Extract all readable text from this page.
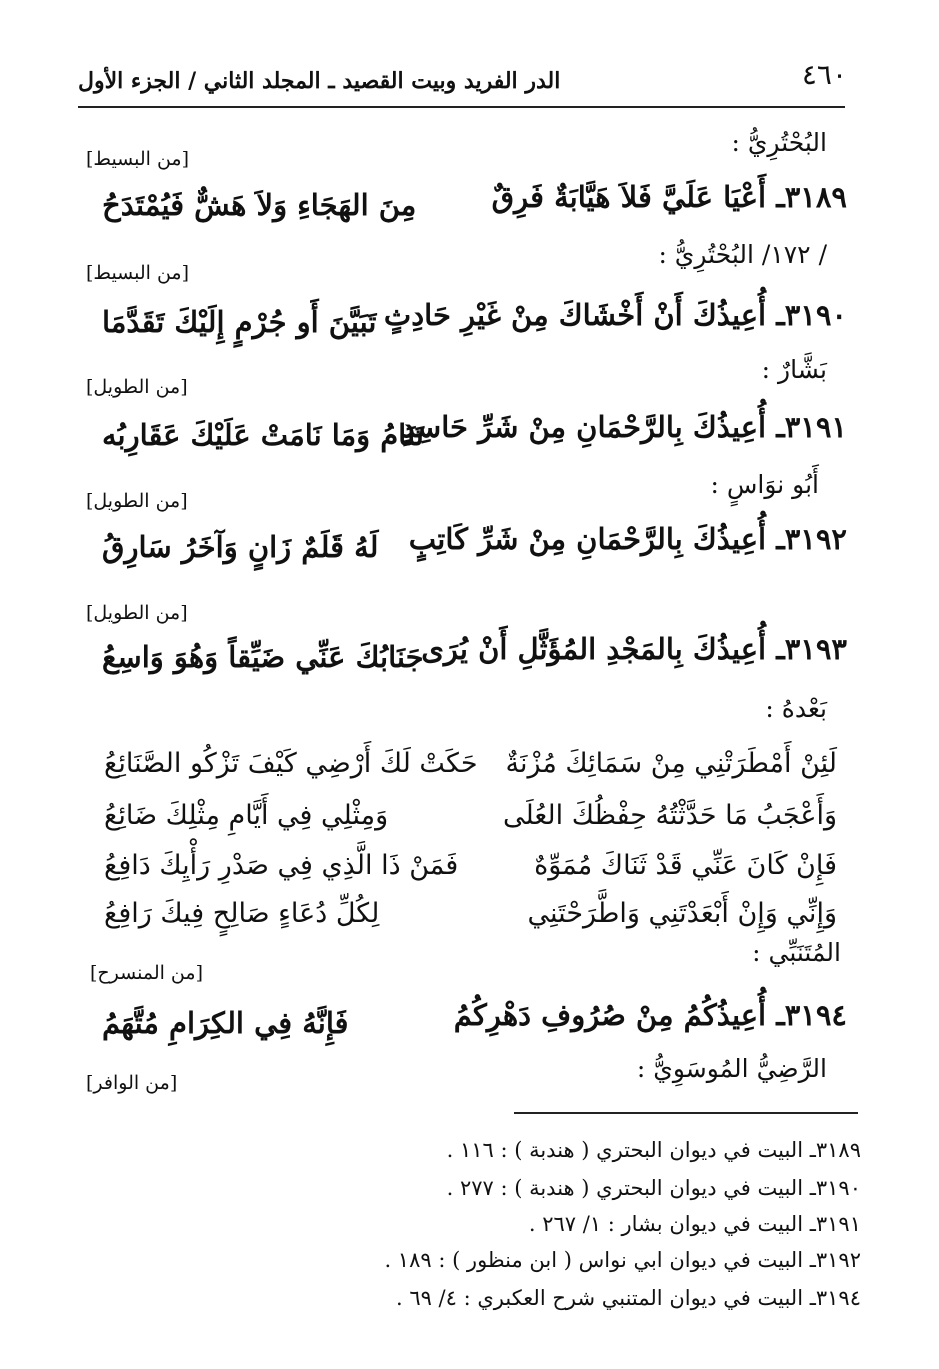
٤٦٠
الدر الفريد وبيت القصيد ـ المجلد الثاني / الجزء الأول
البُحْتُرِيُّ :
[من البسيط]
٣١٨٩ـ أَعْيَا عَلَيَّ فَلاَ هَيَّابَةٌ فَرِقٌ
مِنَ الهَجَاءِ وَلاَ هَشٌّ فَيُمْتَدَحُ
/ ١٧٢/ البُحْتُرِيُّ :
[من البسيط]
٣١٩٠ـ أُعِيذُكَ أَنْ أَخْشَاكَ مِنْ غَيْرِ حَادِثٍ
تَبَيَّنَ أَو جُرْمٍ إِلَيْكَ تَقَدَّمَا
بَشَّارٌ :
[من الطويل]
٣١٩١ـ أُعِيذُكَ بِالرَّحْمَانِ مِنْ شَرِّ حَاسِدٍ
تَنَامُ وَمَا نَامَتْ عَلَيْكَ عَقَارِبُه
أَبُو نوَاسٍ :
[من الطويل]
٣١٩٢ـ أُعِيذُكَ بِالرَّحْمَانِ مِنْ شَرِّ كَاتِبٍ
لَهُ قَلَمٌ زَانٍ وَآخَرُ سَارِقُ
[من الطويل]
٣١٩٣ـ أُعِيذُكَ بِالمَجْدِ المُؤَثَّلِ أَنْ يُرَى
جَنَابُكَ عَنِّي ضَيِّقاً وَهُوَ وَاسِعُ
بَعْدهُ :
لَئِنْ أَمْطَرَتْنِي مِنْ سَمَائِكَ مُزْنَةٌ
حَكَتْ لَكَ أَرْضِي كَيْفَ تَزْكُو الصَّنَائِعُ
وَأَعْجَبُ مَا حَدَّثْتُهُ حِفْظُكَ العُلَى
وَمِثْلِي فِي أَيَّامِ مِثْلِكَ ضَائِعُ
فَإِنْ كَانَ عَنِّي قَدْ ثَنَاكَ مُمَوِّهٌ
فَمَنْ ذَا الَّذِي فِي صَدْرِ رَأْيِكَ دَافِعُ
وَإِنِّي وَإِنْ أَبْعَدْتَنِي وَاطَّرَحْتَنِي
لِكُلِّ دُعَاءٍ صَالِحٍ فِيكَ رَافِعُ
المُتَنَبِّي :
[من المنسرح]
٣١٩٤ـ أُعِيذُكُمُ مِنْ صُرُوفِ دَهْرِكُمُ
فَإِنَّهُ فِي الكِرَامِ مُتَّهَمُ
الرَّضِيُّ المُوسَوِيُّ :
[من الوافر]
٣١٨٩ـ البيت في ديوان البحتري ( هندبة ) : ١١٦ .
٣١٩٠ـ البيت في ديوان البحتري ( هندبة ) : ٢٧٧ .
٣١٩١ـ البيت في ديوان بشار : ١/ ٢٦٧ .
٣١٩٢ـ البيت في ديوان ابي نواس ( ابن منظور ) : ١٨٩ .
٣١٩٤ـ البيت في ديوان المتنبي شرح العكبري : ٤/ ٦٩ .
